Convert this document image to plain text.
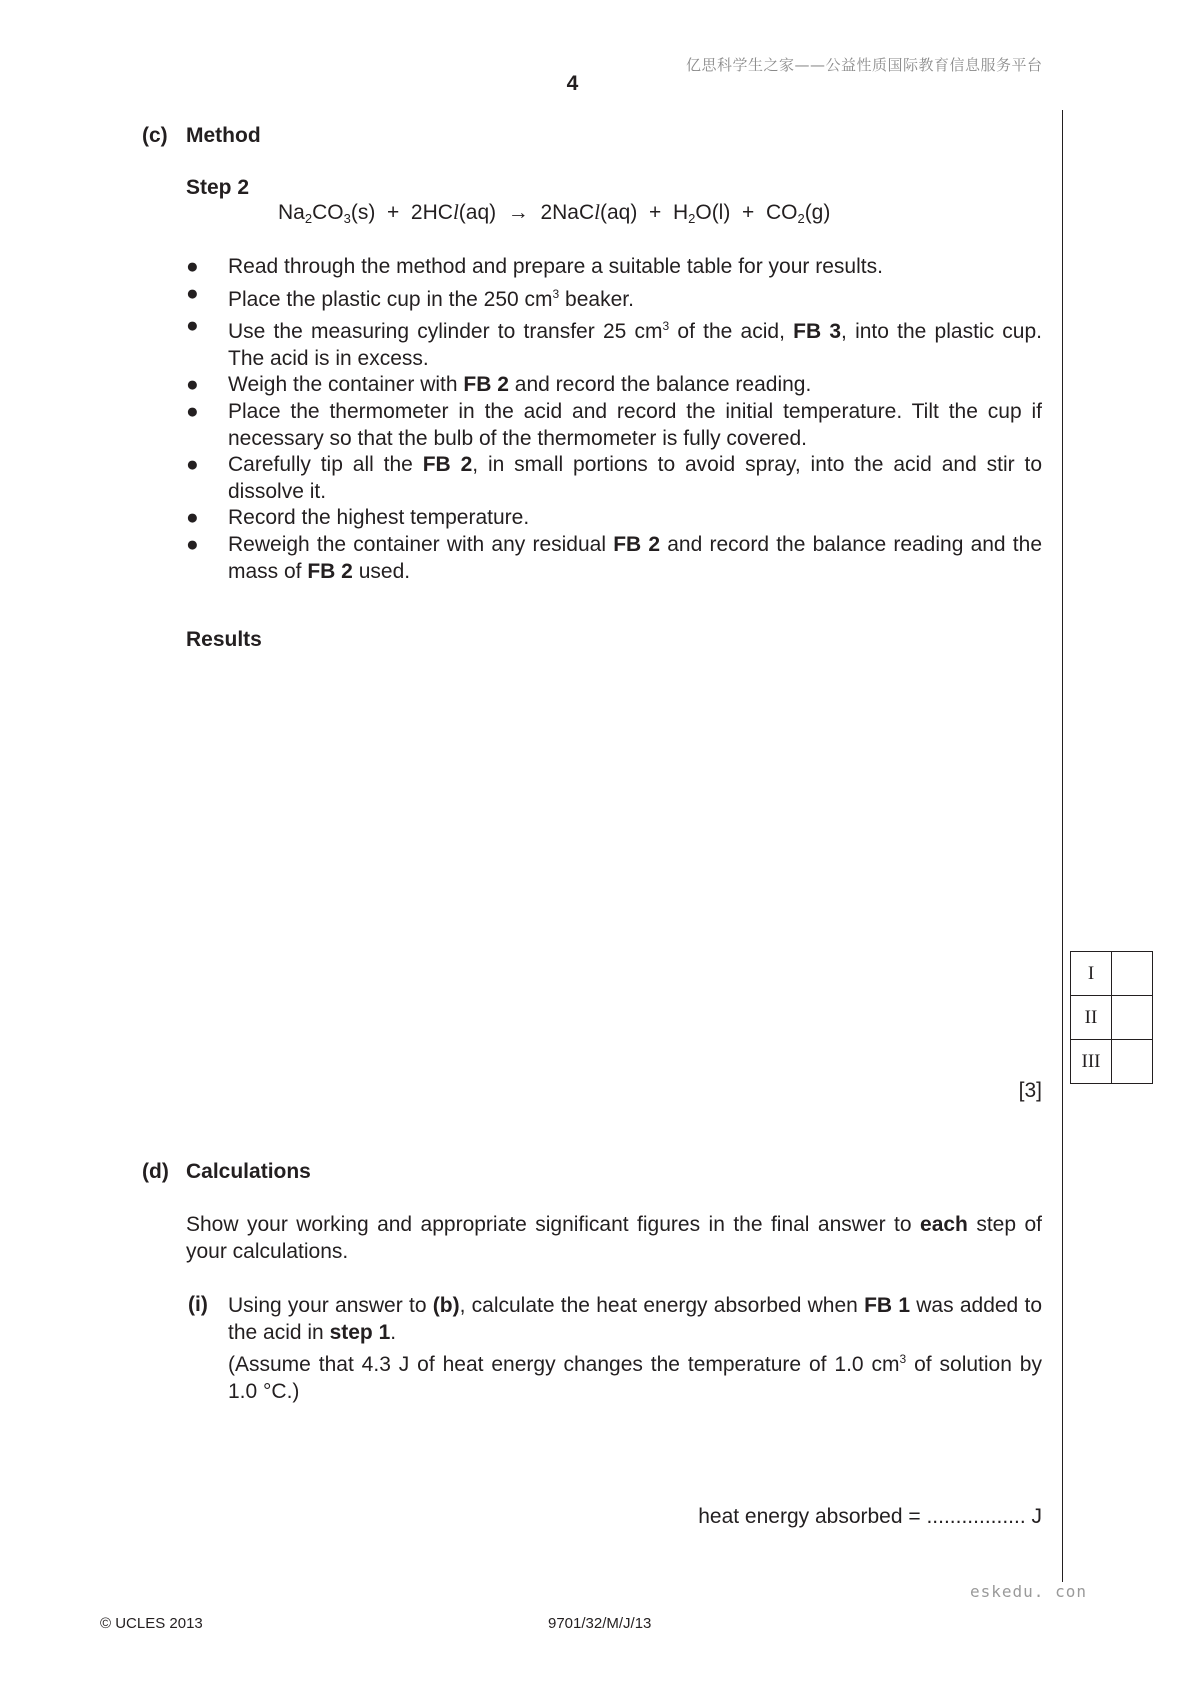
亿思科学生之家——公益性质国际教育信息服务平台
4
(c) Method
Step 2
$Na_2CO_3(s) + 2HCl(aq)$  →  2NaCl(aq)  +  $H_2O(l) + CO_2(g)$
● Read through the method and prepare a suitable table for your results.
● Place the plastic cup in the 250 $cm^3$ beaker.
● Use the measuring cylinder to transfer 25 $cm^3$ of the acid, FB 3, into the plastic cup. The acid is in excess.
● Weigh the container with FB 2 and record the balance reading.
● Place the thermometer in the acid and record the initial temperature. Tilt the cup if necessary so that the bulb of the thermometer is fully covered.
● Carefully tip all the FB 2, in small portions to avoid spray, into the acid and stir to dissolve it.
● Record the highest temperature.
● Reweigh the container with any residual FB 2 and record the balance reading and the mass of FB 2 used.
Results
I	
II	
III	
[3]
(d) Calculations
Show your working and appropriate significant figures in the final answer to each step of your calculations.
(i) Using your answer to (b), calculate the heat energy absorbed when FB 1 was added to the acid in step 1.
(Assume that 4.3 J of heat energy changes the temperature of 1.0 $cm^3$ of solution by 1.0 °C.)
heat energy absorbed = ................. J
eskedu. con
© UCLES 2013	9701/32/M/J/13
